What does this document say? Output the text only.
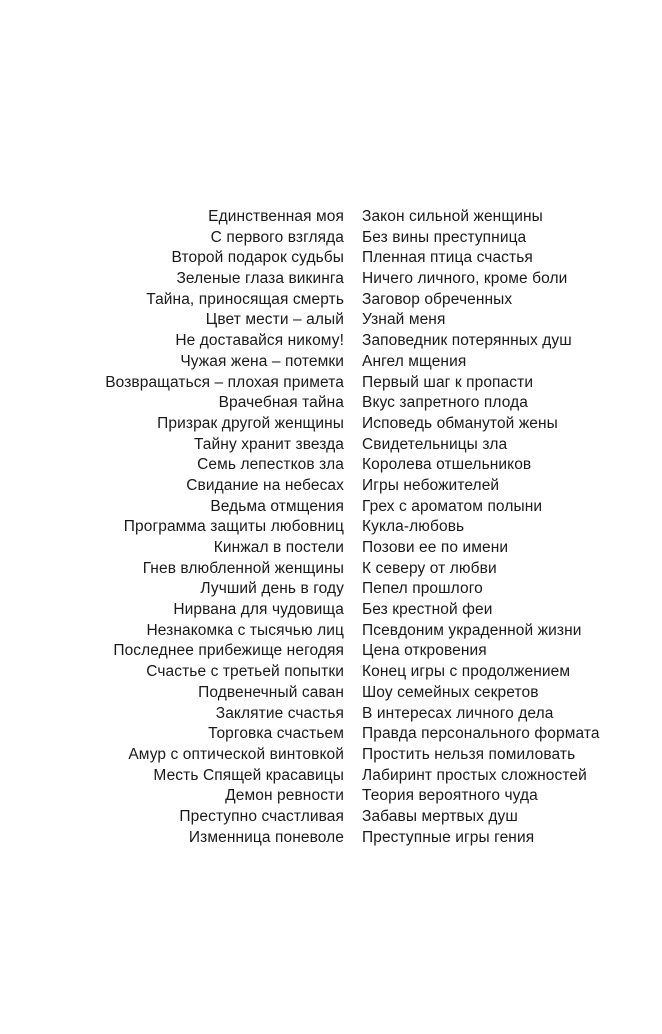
Единственная моя
С первого взгляда
Второй подарок судьбы
Зеленые глаза викинга
Тайна, приносящая смерть
Цвет мести – алый
Не доставайся никому!
Чужая жена – потемки
Возвращаться – плохая примета
Врачебная тайна
Призрак другой женщины
Тайну хранит звезда
Семь лепестков зла
Свидание на небесах
Ведьма отмщения
Программа защиты любовниц
Кинжал в постели
Гнев влюбленной женщины
Лучший день в году
Нирвана для чудовища
Незнакомка с тысячью лиц
Последнее прибежище негодяя
Счастье с третьей попытки
Подвенечный саван
Заклятие счастья
Торговка счастьем
Амур с оптической винтовкой
Месть Спящей красавицы
Демон ревности
Преступно счастливая
Изменница поневоле
Закон сильной женщины
Без вины преступница
Пленная птица счастья
Ничего личного, кроме боли
Заговор обреченных
Узнай меня
Заповедник потерянных душ
Ангел мщения
Первый шаг к пропасти
Вкус запретного плода
Исповедь обманутой жены
Свидетельницы зла
Королева отшельников
Игры небожителей
Грех с ароматом полыни
Кукла-любовь
Позови ее по имени
К северу от любви
Пепел прошлого
Без крестной феи
Псевдоним украденной жизни
Цена откровения
Конец игры с продолжением
Шоу семейных секретов
В интересах личного дела
Правда персонального формата
Простить нельзя помиловать
Лабиринт простых сложностей
Теория вероятного чуда
Забавы мертвых душ
Преступные игры гения
